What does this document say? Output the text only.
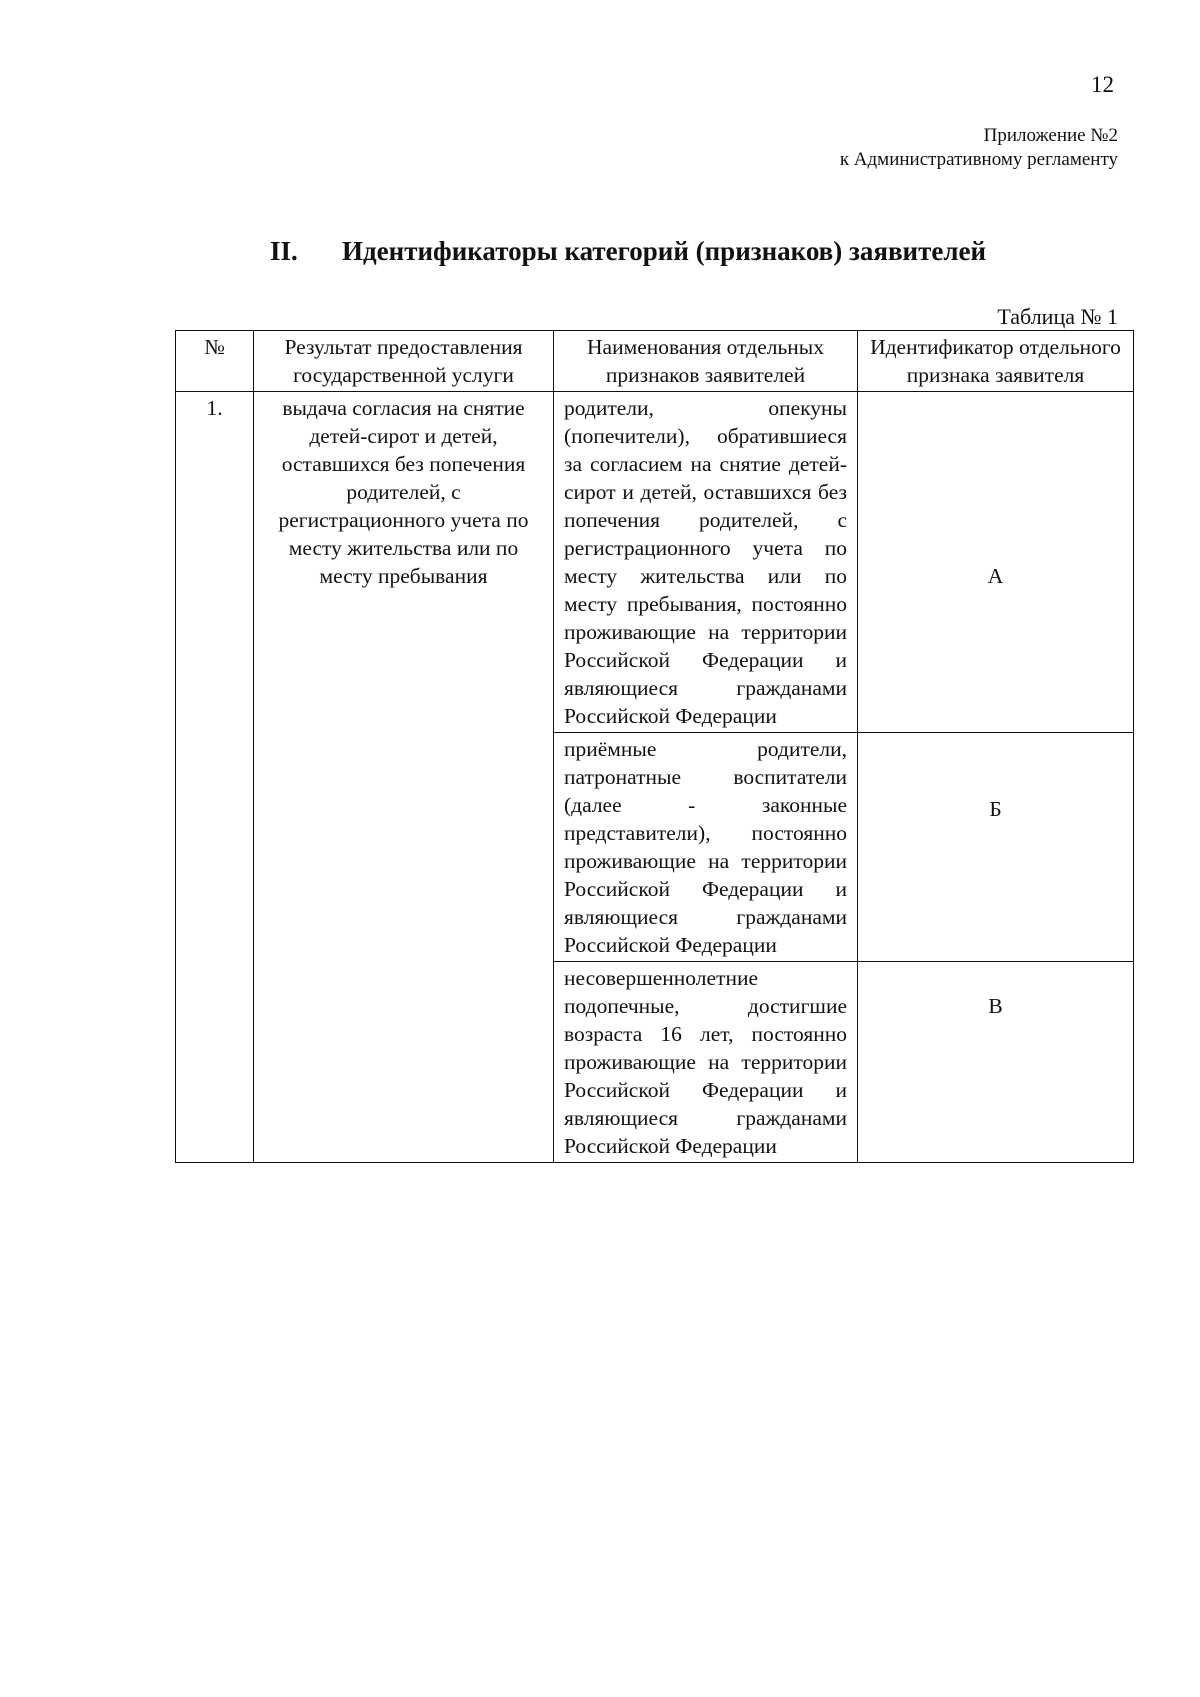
12
Приложение №2
к Административному регламенту
II. Идентификаторы категорий (признаков) заявителей
Таблица № 1
№	Результат предоставления государственной услуги	Наименования отдельных признаков заявителей	Идентификатор отдельного признака заявителя
1.	выдача согласия на снятие детей-сирот и детей, оставшихся без попечения родителей, с регистрационного учета по месту жительства или по месту пребывания	родители, опекуны (попечители), обратившиеся за согласием на снятие детей-сирот и детей, оставшихся без попечения родителей, с регистрационного учета по месту жительства или по месту пребывания, постоянно проживающие на территории Российской Федерации и являющиеся гражданами Российской Федерации	А
		приёмные родители, патронатные воспитатели (далее - законные представители), постоянно проживающие на территории Российской Федерации и являющиеся гражданами Российской Федерации	Б
		несовершеннолетние подопечные, достигшие возраста 16 лет, постоянно проживающие на территории Российской Федерации и являющиеся гражданами Российской Федерации	В
